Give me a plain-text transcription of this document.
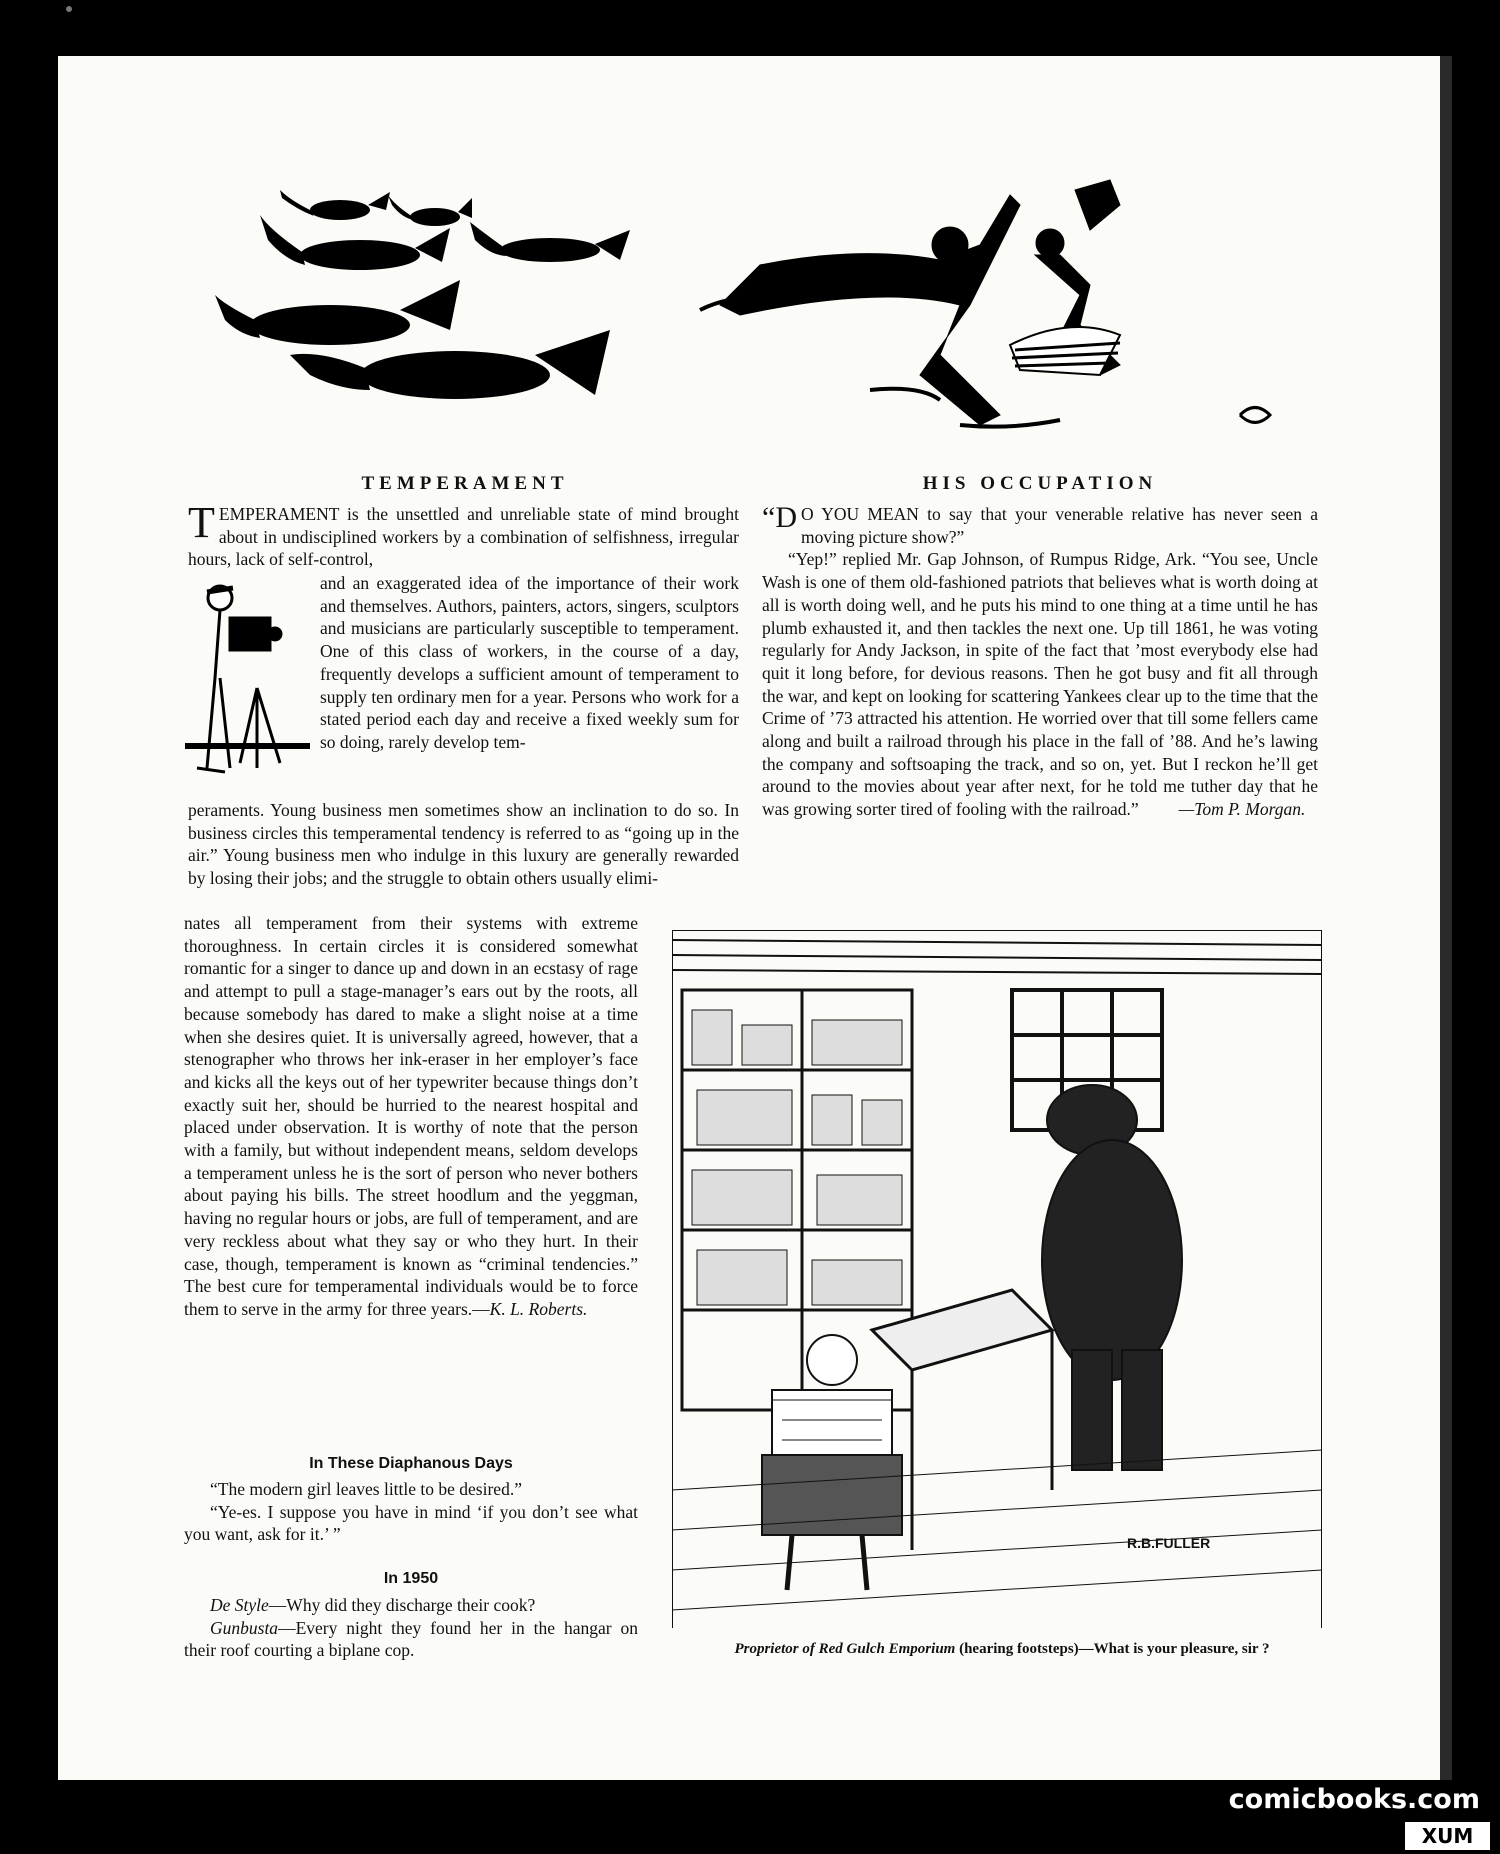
TEMPERAMENT
TEMPERAMENT is the unsettled and unreliable state of mind brought about in undisciplined workers by a combination of selfishness, irregular hours, lack of self-control,
and an exaggerated idea of the importance of their work and themselves. Authors, painters, actors, singers, sculptors and musicians are particularly susceptible to temperament. One of this class of workers, in the course of a day, frequently develops a sufficient amount of temperament to supply ten ordinary men for a year. Persons who work for a stated period each day and receive a fixed weekly sum for so doing, rarely develop tem-
peraments. Young business men sometimes show an inclination to do so. In business circles this temperamental tendency is referred to as “going up in the air.” Young business men who indulge in this luxury are generally rewarded by losing their jobs; and the struggle to obtain others usually elimi-
nates all temperament from their systems with extreme thoroughness. In certain circles it is considered somewhat romantic for a singer to dance up and down in an ecstasy of rage and attempt to pull a stage-manager’s ears out by the roots, all because somebody has dared to make a slight noise at a time when she desires quiet. It is universally agreed, however, that a stenographer who throws her ink-eraser in her employer’s face and kicks all the keys out of her typewriter because things don’t exactly suit her, should be hurried to the nearest hospital and placed under observation. It is worthy of note that the person with a family, but without independent means, seldom develops a temperament unless he is the sort of person who never bothers about paying his bills. The street hoodlum and the yeggman, having no regular hours or jobs, are full of temperament, and are very reckless about what they say or who they hurt. In their case, though, temperament is known as “criminal tendencies.” The best cure for temperamental individuals would be to force them to serve in the army for three years.—K. L. Roberts.
In These Diaphanous Days

“The modern girl leaves little to be desired.”

“Ye-es. I suppose you have in mind ‘if you don’t see what you want, ask for it.’ ”

In 1950

De Style—Why did they discharge their cook?

Gunbusta—Every night they found her in the hangar on their roof courting a biplane cop.

HIS OCCUPATION

“D O YOU MEAN to say that your venerable relative has never seen a moving picture show?”

“Yep!” replied Mr. Gap Johnson, of Rumpus Ridge, Ark. “You see, Uncle Wash is one of them old-fashioned patriots that believes what is worth doing at all is worth doing well, and he puts his mind to one thing at a time until he has plumb exhausted it, and then tackles the next one. Up till 1861, he was voting regularly for Andy Jackson, in spite of the fact that ’most everybody else had quit it long before, for devious reasons. Then he got busy and fit all through the war, and kept on looking for scattering Yankees clear up to the time that the Crime of ’73 attracted his attention. He worried over that till some fellers came along and built a railroad through his place in the fall of ’88. And he’s lawing the company and softsoaping the track, and so on, yet. But I reckon he’ll get around to the movies about year after next, for he told me tuther day that he was growing sorter tired of fooling with the railroad.” —Tom P. Morgan.

R.B.FULLER
Proprietor of Red Gulch Emporium (hearing footsteps)—What is your pleasure, sir ?
comicbooks.com
XUM
